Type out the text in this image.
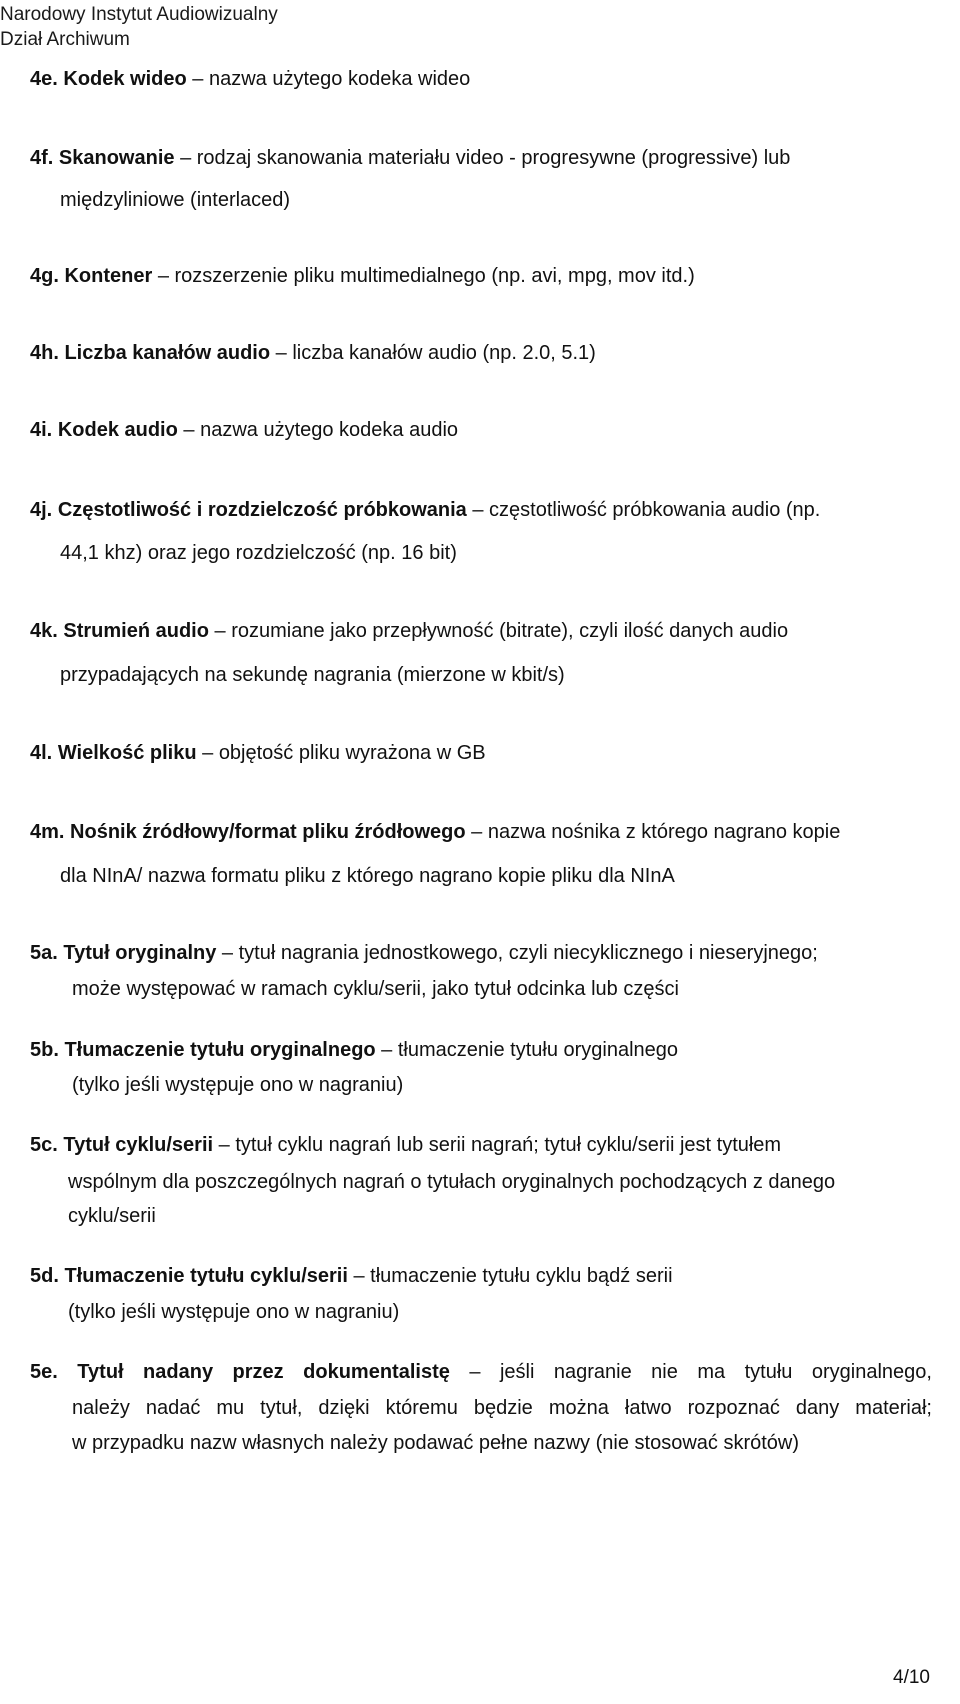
Narodowy Instytut Audiowizualny
Dział Archiwum
4e. Kodek wideo – nazwa użytego kodeka wideo
4f. Skanowanie – rodzaj skanowania materiału video - progresywne (progressive) lub
międzyliniowe (interlaced)
4g. Kontener – rozszerzenie pliku multimedialnego (np. avi, mpg, mov itd.)
4h. Liczba kanałów audio – liczba kanałów audio (np. 2.0, 5.1)
4i. Kodek audio – nazwa użytego kodeka audio
4j. Częstotliwość i rozdzielczość próbkowania – częstotliwość próbkowania audio (np.
44,1 khz) oraz jego rozdzielczość (np. 16 bit)
4k. Strumień audio – rozumiane jako przepływność (bitrate), czyli ilość danych audio
przypadających na sekundę nagrania (mierzone w kbit/s)
4l. Wielkość pliku – objętość pliku wyrażona w GB
4m. Nośnik źródłowy/format pliku źródłowego – nazwa nośnika z którego nagrano kopie
dla NInA/ nazwa formatu pliku z którego nagrano kopie pliku dla NInA
5a. Tytuł oryginalny – tytuł nagrania jednostkowego, czyli niecyklicznego i nieseryjnego;
może występować w ramach cyklu/serii, jako tytuł odcinka lub części
5b. Tłumaczenie tytułu oryginalnego – tłumaczenie tytułu oryginalnego
(tylko jeśli występuje ono w nagraniu)
5c. Tytuł cyklu/serii – tytuł cyklu nagrań lub serii nagrań; tytuł cyklu/serii jest tytułem
wspólnym dla poszczególnych nagrań o tytułach oryginalnych pochodzących z danego
cyklu/serii
5d. Tłumaczenie tytułu cyklu/serii – tłumaczenie tytułu cyklu bądź serii
(tylko jeśli występuje ono w nagraniu)
5e. Tytuł nadany przez dokumentalistę – jeśli nagranie nie ma tytułu oryginalnego,
należy nadać mu tytuł, dzięki któremu będzie można łatwo rozpoznać dany materiał;
w przypadku nazw własnych należy podawać pełne nazwy (nie stosować skrótów)
4/10
